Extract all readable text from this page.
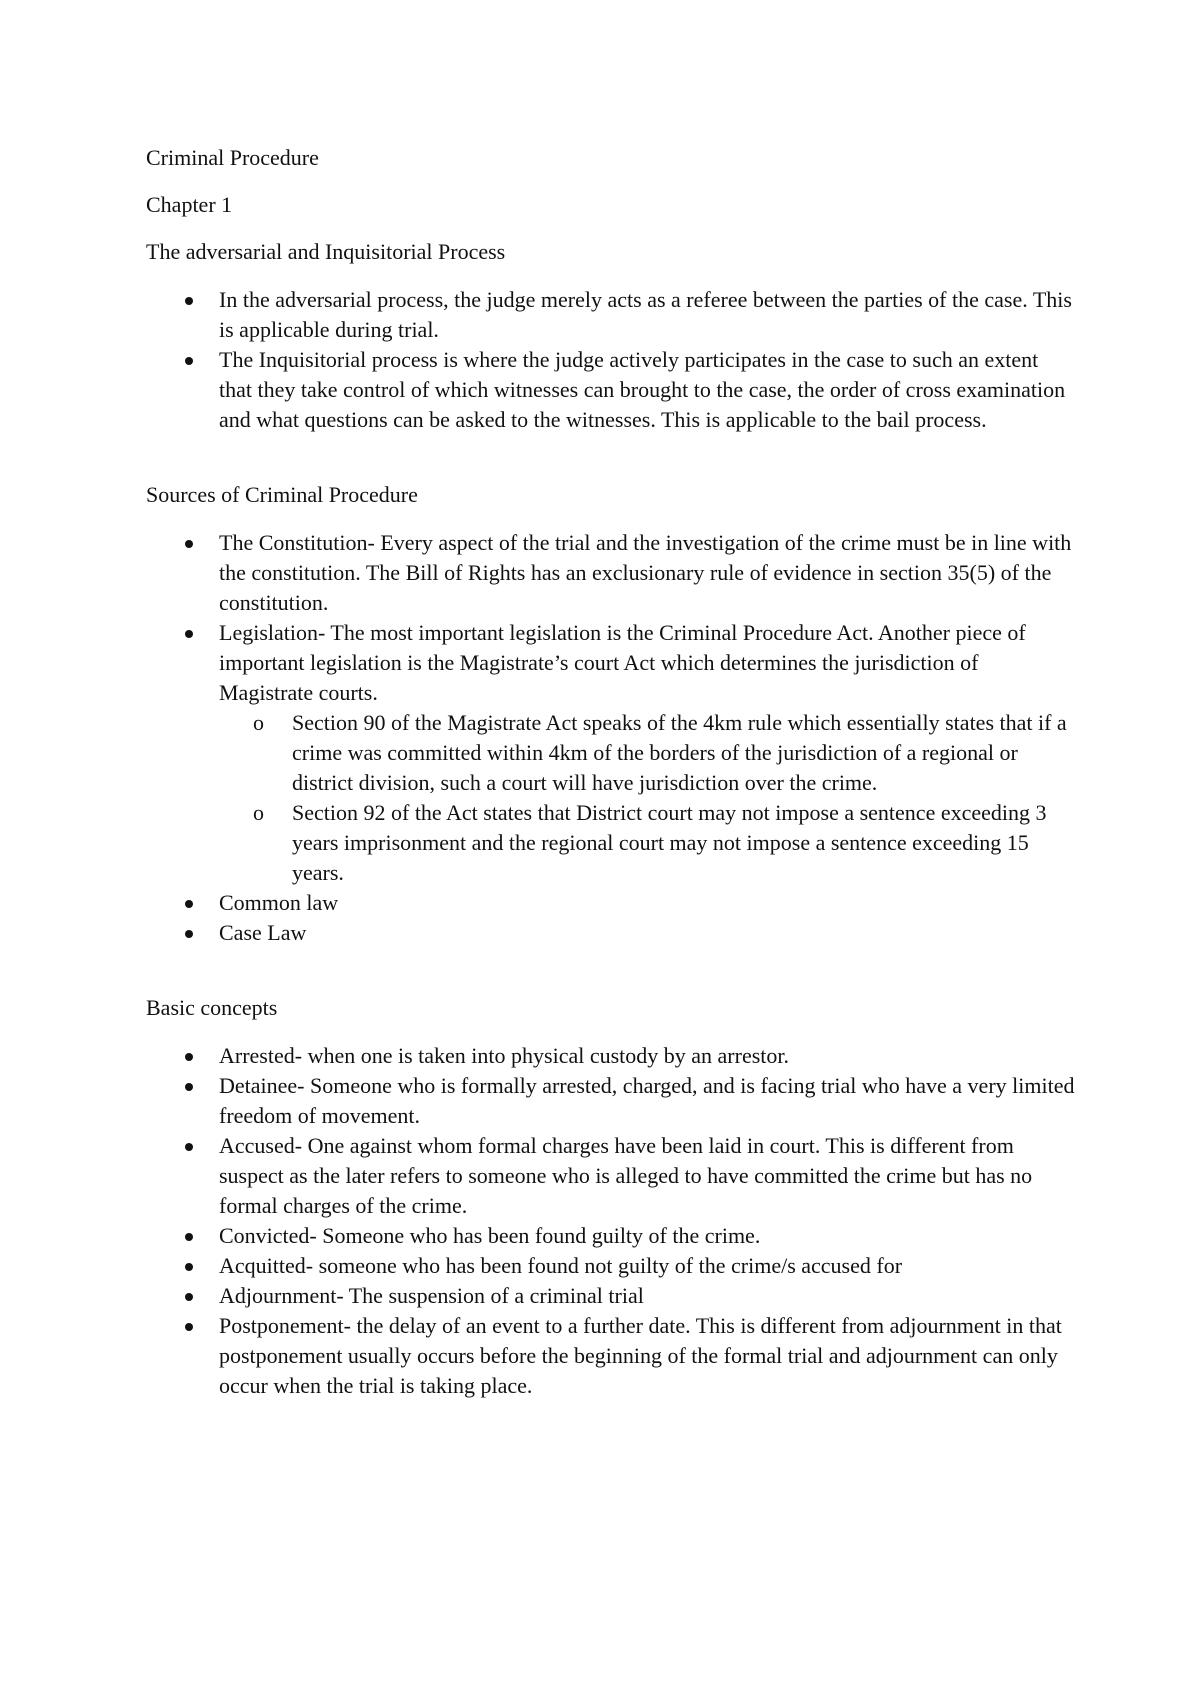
Criminal Procedure

Chapter 1

The adversarial and Inquisitorial Process

In the adversarial process, the judge merely acts as a referee between the parties of the case. This is applicable during trial.
The Inquisitorial process is where the judge actively participates in the case to such an extent that they take control of which witnesses can brought to the case, the order of cross examination and what questions can be asked to the witnesses. This is applicable to the bail process.

Sources of Criminal Procedure

The Constitution- Every aspect of the trial and the investigation of the crime must be in line with the constitution. The Bill of Rights has an exclusionary rule of evidence in section 35(5) of the constitution.
Legislation- The most important legislation is the Criminal Procedure Act. Another piece of important legislation is the Magistrate’s court Act which determines the jurisdiction of Magistrate courts.
o Section 90 of the Magistrate Act speaks of the 4km rule which essentially states that if a crime was committed within 4km of the borders of the jurisdiction of a regional or district division, such a court will have jurisdiction over the crime.
o Section 92 of the Act states that District court may not impose a sentence exceeding 3 years imprisonment and the regional court may not impose a sentence exceeding 15 years.
Common law
Case Law

Basic concepts

Arrested- when one is taken into physical custody by an arrestor.
Detainee- Someone who is formally arrested, charged, and is facing trial who have a very limited freedom of movement.
Accused- One against whom formal charges have been laid in court. This is different from suspect as the later refers to someone who is alleged to have committed the crime but has no formal charges of the crime.
Convicted- Someone who has been found guilty of the crime.
Acquitted- someone who has been found not guilty of the crime/s accused for
Adjournment- The suspension of a criminal trial
Postponement- the delay of an event to a further date. This is different from adjournment in that postponement usually occurs before the beginning of the formal trial and adjournment can only occur when the trial is taking place.
